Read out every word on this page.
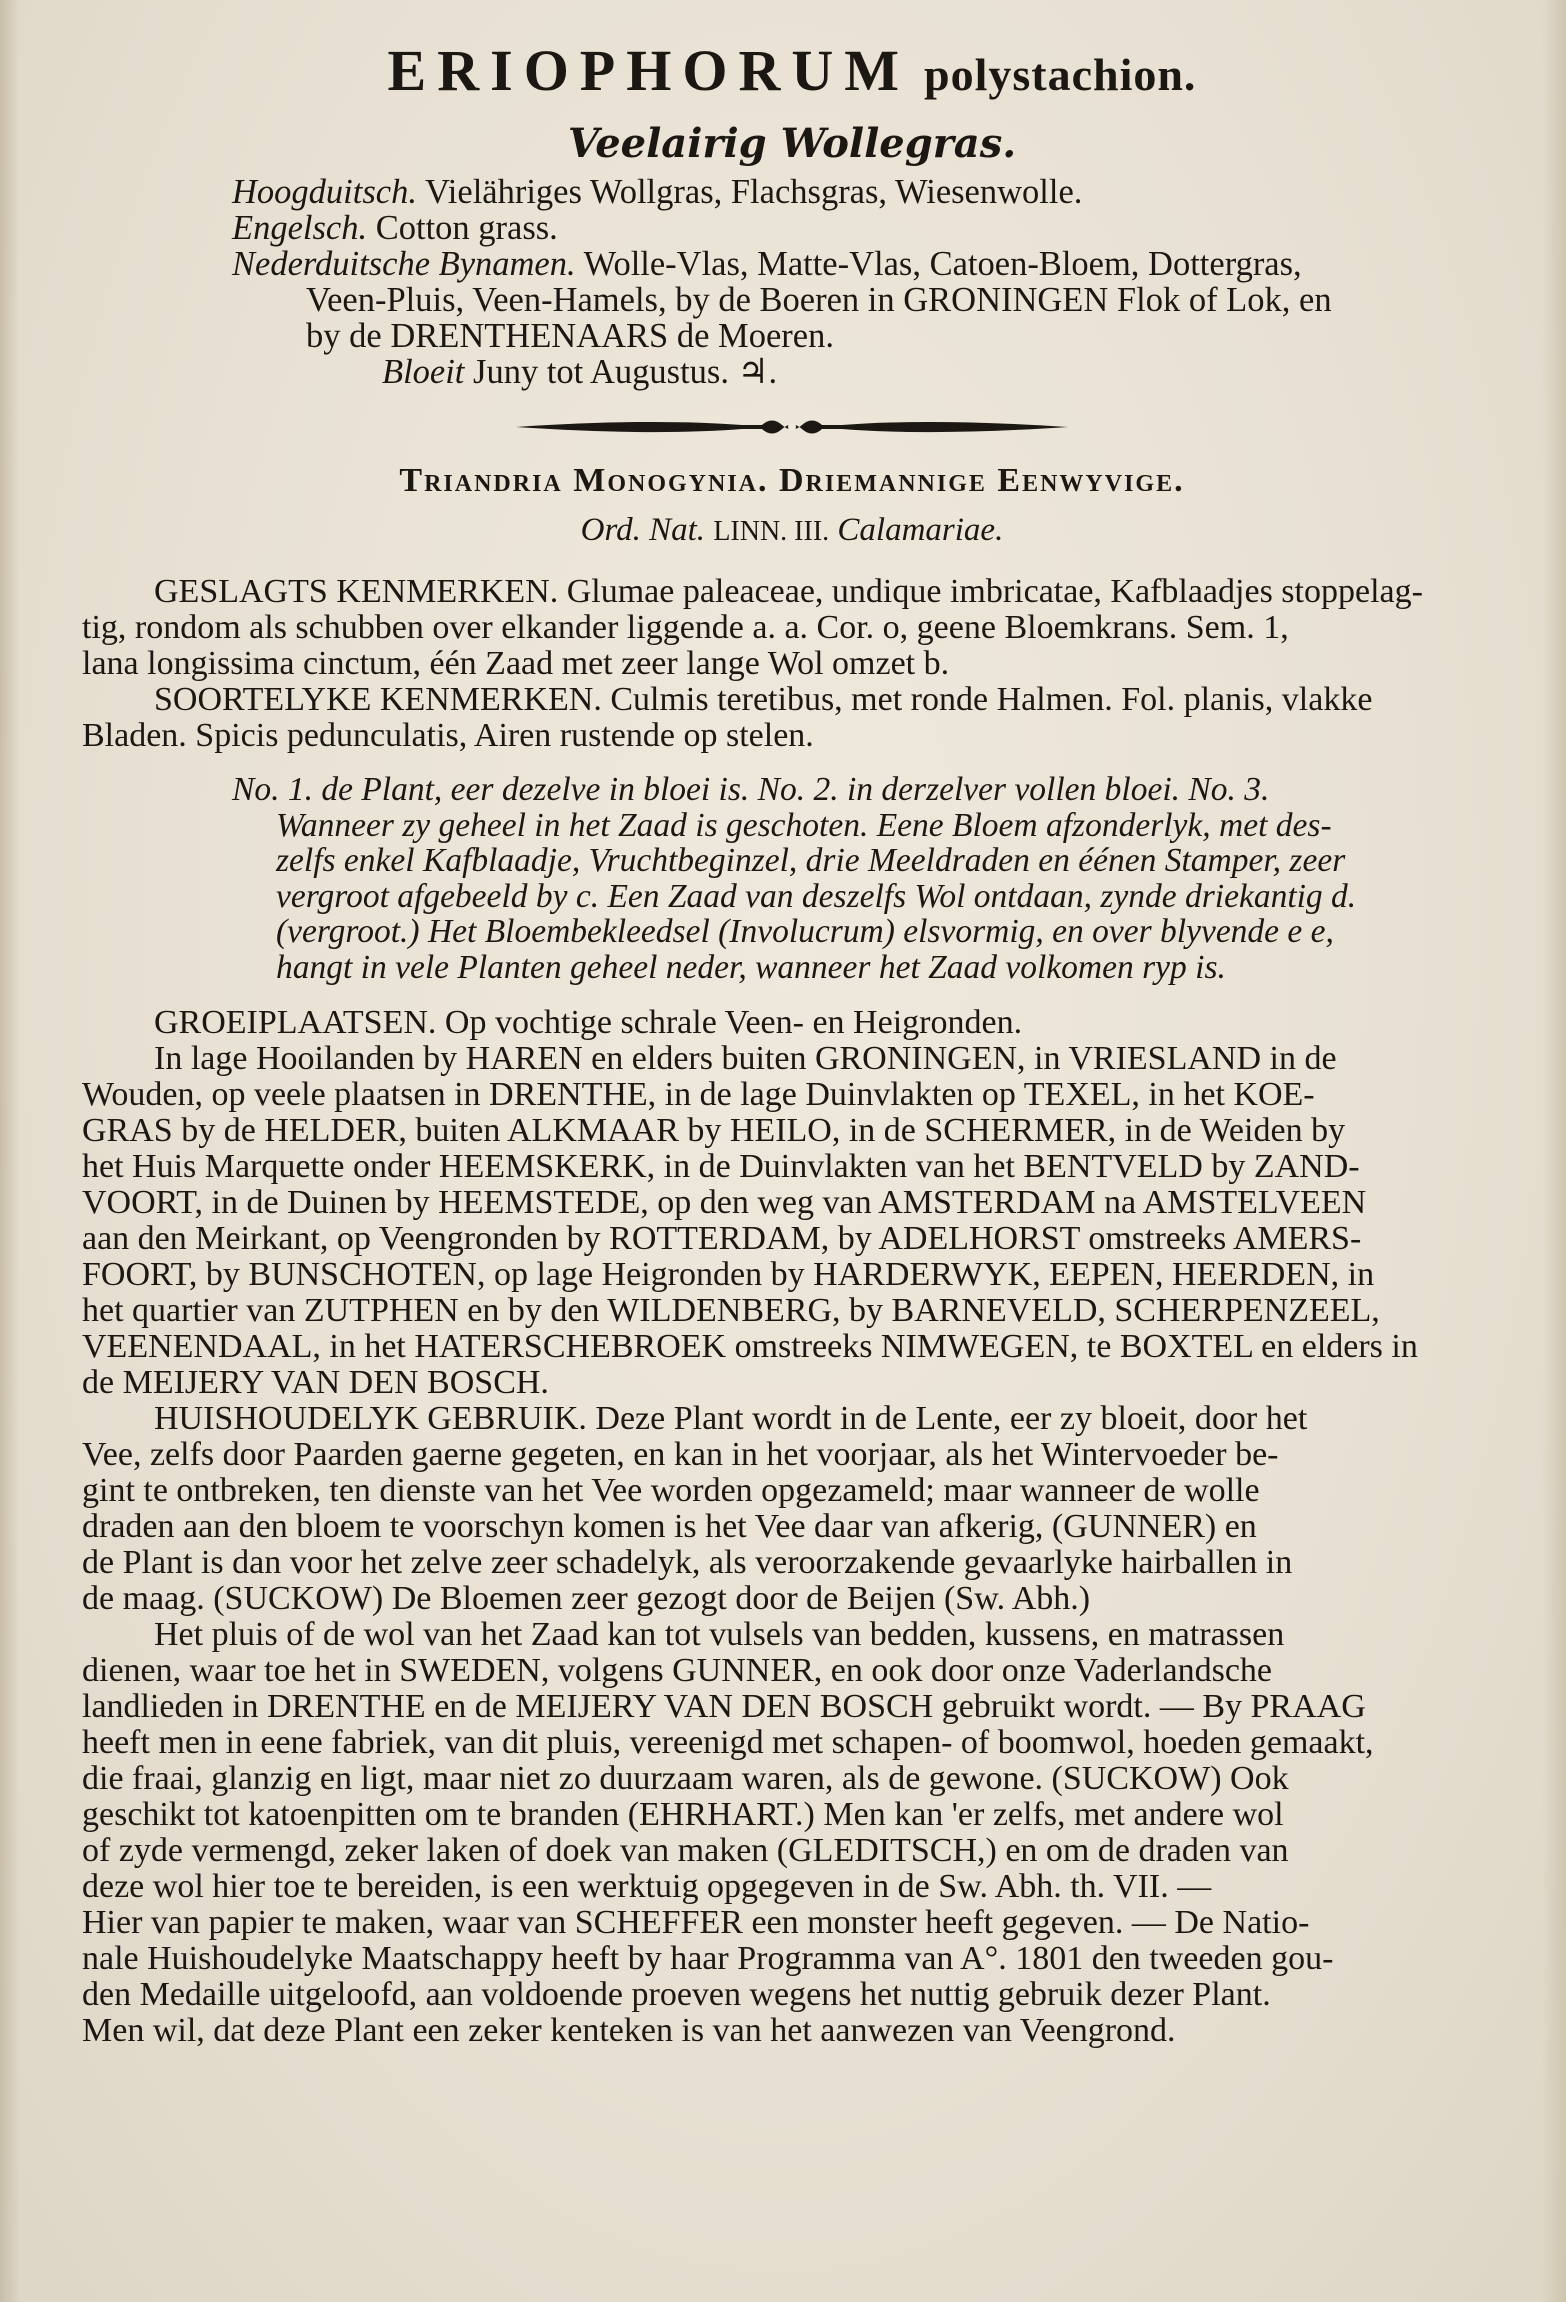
ERIOPHORUM polystachion.

Veelairig Wollegras.

Hoogduitsch. Vielähriges Wollgras, Flachsgras, Wiesenwolle.

Engelsch. Cotton grass.

Nederduitsche Bynamen. Wolle-Vlas, Matte-Vlas, Catoen-Bloem, Dottergras,

Veen-Pluis, Veen-Hamels, by de Boeren in GRONINGEN Flok of Lok, en

by de DRENTHENAARS de Moeren.

Bloeit Juny tot Augustus. ♃.

Triandria Monogynia. Driemannige Eenwyvige.

Ord. Nat. LINN. III. Calamariae.

GESLAGTS KENMERKEN. Glumae paleaceae, undique imbricatae, Kafblaadjes stoppelag-
tig, rondom als schubben over elkander liggende a. a. Cor. o, geene Bloemkrans. Sem. 1,
lana longissima cinctum, één Zaad met zeer lange Wol omzet b.
SOORTELYKE KENMERKEN. Culmis teretibus, met ronde Halmen. Fol. planis, vlakke
Bladen. Spicis pedunculatis, Airen rustende op stelen.
No. 1. de Plant, eer dezelve in bloei is. No. 2. in derzelver vollen bloei. No. 3.
Wanneer zy geheel in het Zaad is geschoten. Eene Bloem afzonderlyk, met des-
zelfs enkel Kafblaadje, Vruchtbeginzel, drie Meeldraden en éénen Stamper, zeer
vergroot afgebeeld by c. Een Zaad van deszelfs Wol ontdaan, zynde driekantig d.
(vergroot.) Het Bloembekleedsel (Involucrum) elsvormig, en over blyvende e e,
hangt in vele Planten geheel neder, wanneer het Zaad volkomen ryp is.
GROEIPLAATSEN. Op vochtige schrale Veen- en Heigronden.
In lage Hooilanden by HAREN en elders buiten GRONINGEN, in VRIESLAND in de
Wouden, op veele plaatsen in DRENTHE, in de lage Duinvlakten op TEXEL, in het KOE-
GRAS by de HELDER, buiten ALKMAAR by HEILO, in de SCHERMER, in de Weiden by
het Huis Marquette onder HEEMSKERK, in de Duinvlakten van het BENTVELD by ZAND-
VOORT, in de Duinen by HEEMSTEDE, op den weg van AMSTERDAM na AMSTELVEEN
aan den Meirkant, op Veengronden by ROTTERDAM, by ADELHORST omstreeks AMERS-
FOORT, by BUNSCHOTEN, op lage Heigronden by HARDERWYK, EEPEN, HEERDEN, in
het quartier van ZUTPHEN en by den WILDENBERG, by BARNEVELD, SCHERPENZEEL,
VEENENDAAL, in het HATERSCHEBROEK omstreeks NIMWEGEN, te BOXTEL en elders in
de MEIJERY VAN DEN BOSCH.
HUISHOUDELYK GEBRUIK. Deze Plant wordt in de Lente, eer zy bloeit, door het
Vee, zelfs door Paarden gaerne gegeten, en kan in het voorjaar, als het Wintervoeder be-
gint te ontbreken, ten dienste van het Vee worden opgezameld; maar wanneer de wolle
draden aan den bloem te voorschyn komen is het Vee daar van afkerig, (GUNNER) en
de Plant is dan voor het zelve zeer schadelyk, als veroorzakende gevaarlyke hairballen in
de maag. (SUCKOW) De Bloemen zeer gezogt door de Beijen (Sw. Abh.)
Het pluis of de wol van het Zaad kan tot vulsels van bedden, kussens, en matrassen
dienen, waar toe het in SWEDEN, volgens GUNNER, en ook door onze Vaderlandsche
landlieden in DRENTHE en de MEIJERY VAN DEN BOSCH gebruikt wordt. — By PRAAG
heeft men in eene fabriek, van dit pluis, vereenigd met schapen- of boomwol, hoeden gemaakt,
die fraai, glanzig en ligt, maar niet zo duurzaam waren, als de gewone. (SUCKOW) Ook
geschikt tot katoenpitten om te branden (EHRHART.) Men kan 'er zelfs, met andere wol
of zyde vermengd, zeker laken of doek van maken (GLEDITSCH,) en om de draden van
deze wol hier toe te bereiden, is een werktuig opgegeven in de Sw. Abh. th. VII. —
Hier van papier te maken, waar van SCHEFFER een monster heeft gegeven. — De Natio-
nale Huishoudelyke Maatschappy heeft by haar Programma van A°. 1801 den tweeden gou-
den Medaille uitgeloofd, aan voldoende proeven wegens het nuttig gebruik dezer Plant.
Men wil, dat deze Plant een zeker kenteken is van het aanwezen van Veengrond.
